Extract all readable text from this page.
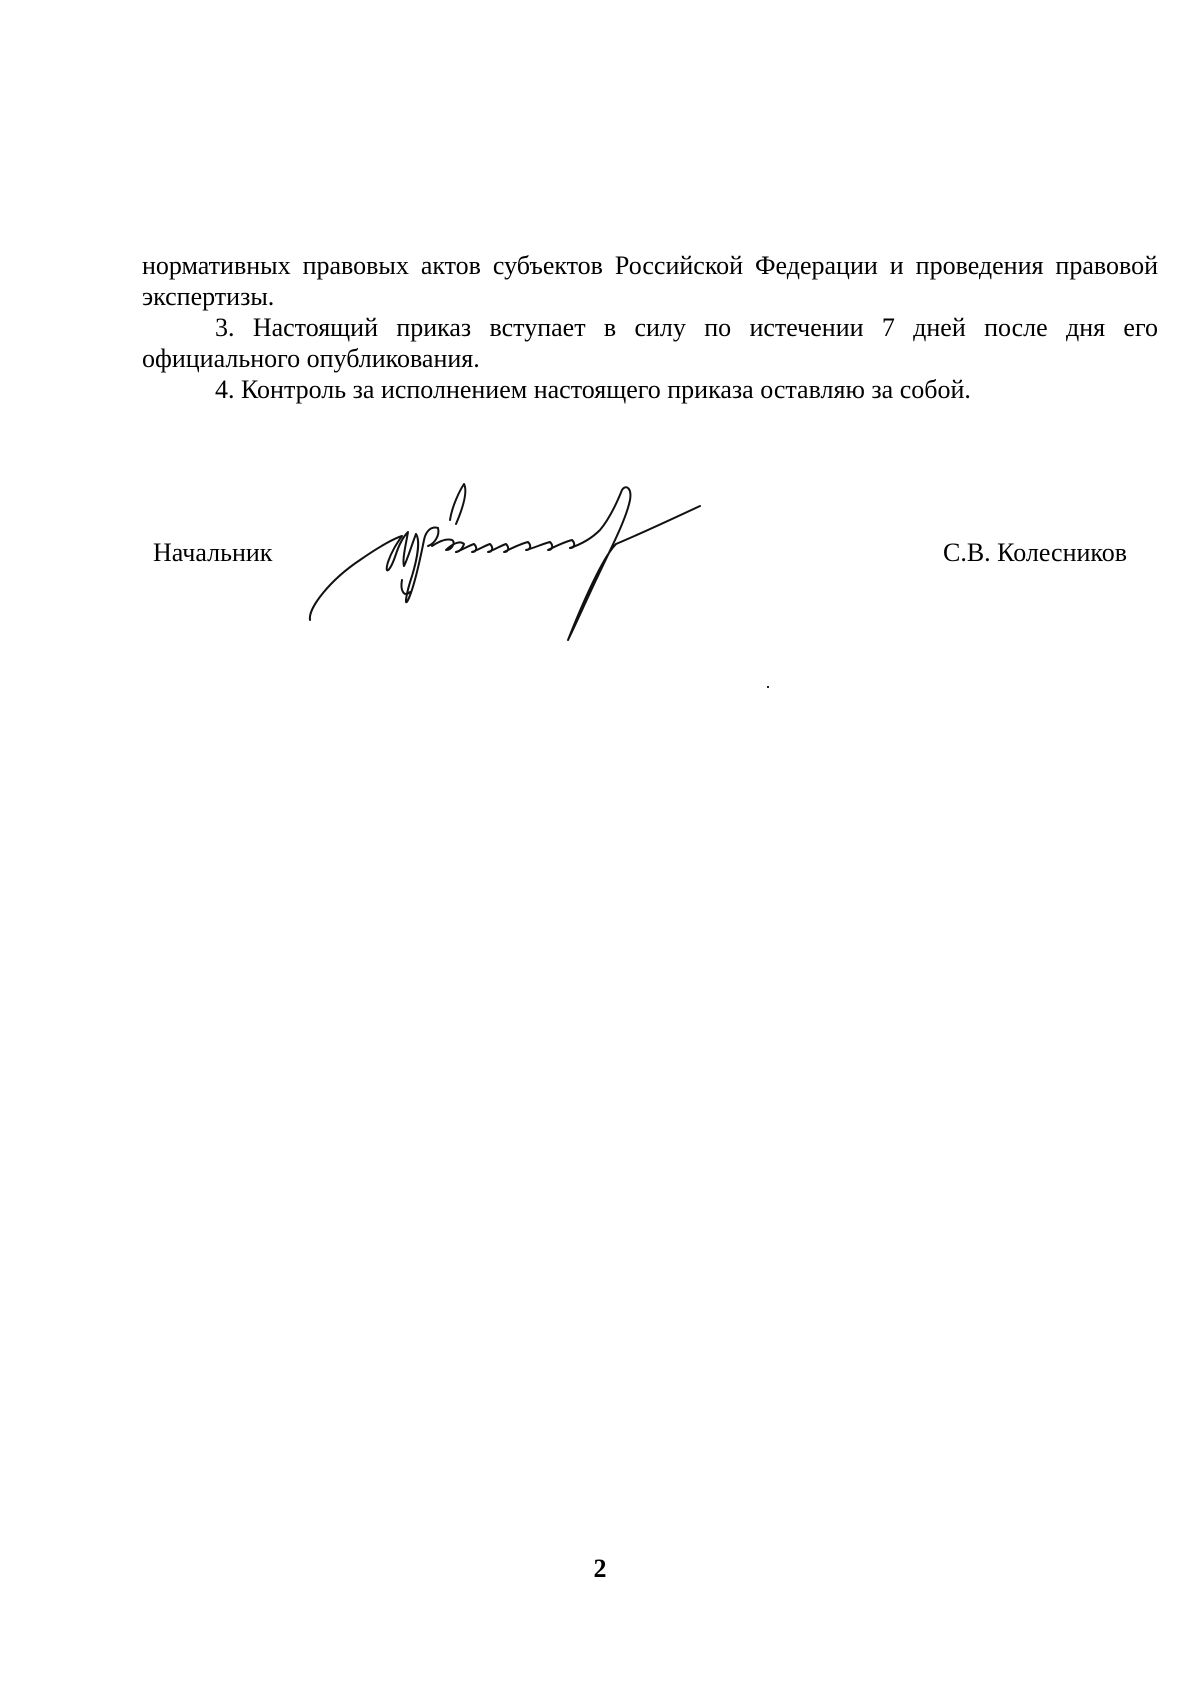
нормативных правовых актов субъектов Российской Федерации и проведения правовой экспертизы.

3. Настоящий приказ вступает в силу по истечении 7 дней после дня его официального опубликования.

4. Контроль за исполнением настоящего приказа оставляю за собой.

Начальник	С.В. Колесников
2
